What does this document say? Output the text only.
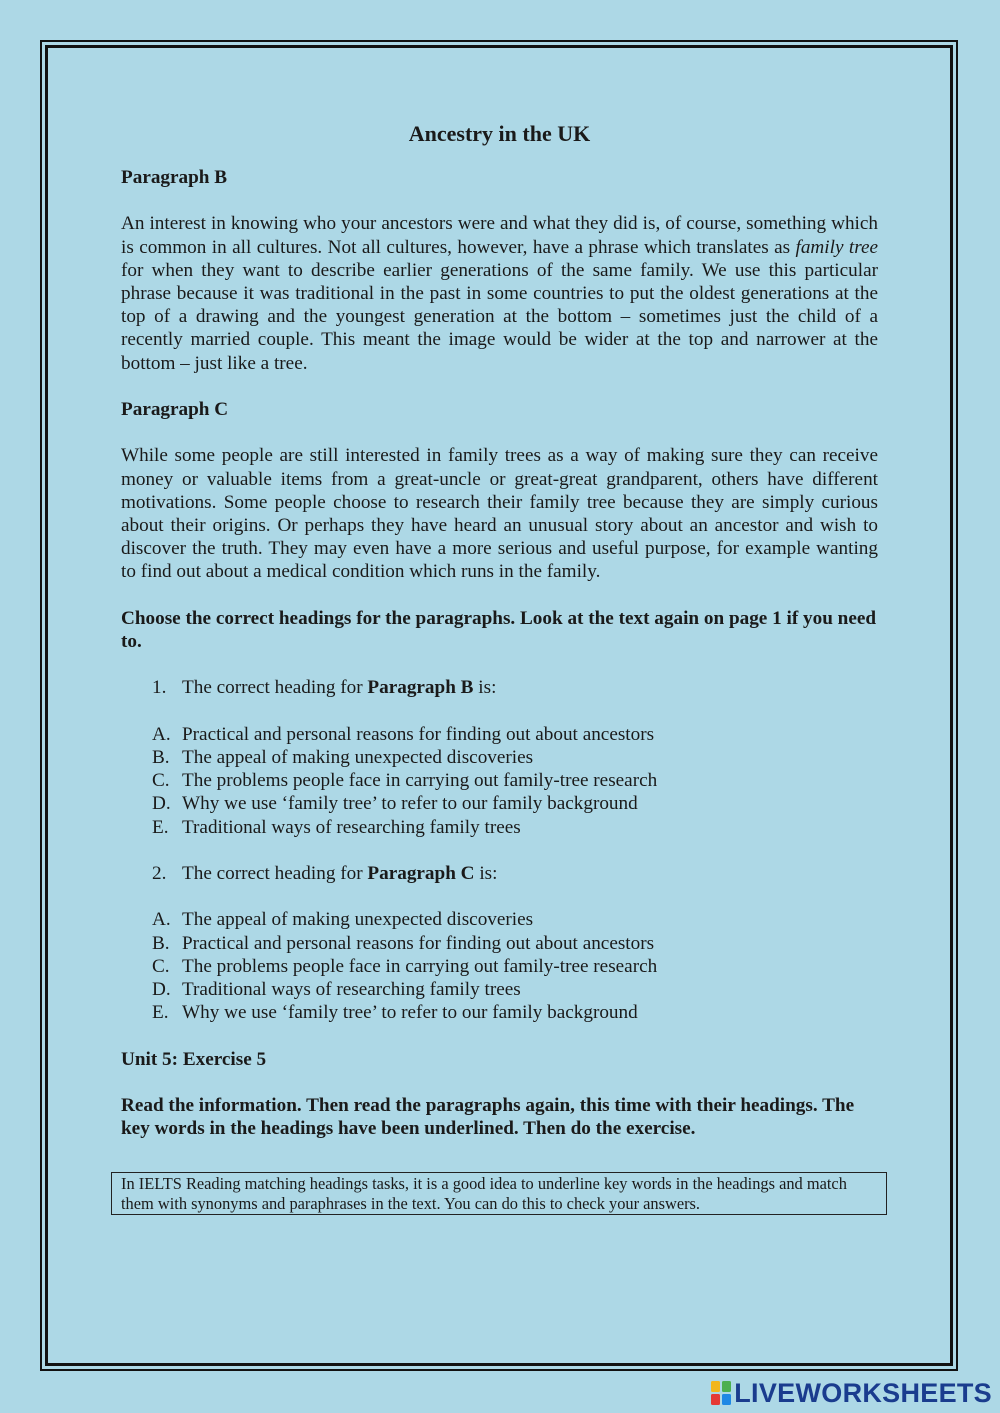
Ancestry in the UK

Paragraph B

An interest in knowing who your ancestors were and what they did is, of course, something which is common in all cultures. Not all cultures, however, have a phrase which translates as family tree for when they want to describe earlier generations of the same family. We use this particular phrase because it was traditional in the past in some countries to put the oldest generations at the top of a drawing and the youngest generation at the bottom – sometimes just the child of a recently married couple. This meant the image would be wider at the top and narrower at the bottom – just like a tree.

Paragraph C

While some people are still interested in family trees as a way of making sure they can receive money or valuable items from a great-uncle or great-great grandparent, others have different motivations. Some people choose to research their family tree because they are simply curious about their origins. Or perhaps they have heard an unusual story about an ancestor and wish to discover the truth. They may even have a more serious and useful purpose, for example wanting to find out about a medical condition which runs in the family.

Choose the correct headings for the paragraphs. Look at the text again on page 1 if you need to.

1. The correct heading for Paragraph B is:
A. Practical and personal reasons for finding out about ancestors
B. The appeal of making unexpected discoveries
C. The problems people face in carrying out family-tree research
D. Why we use ‘family tree’ to refer to our family background
E. Traditional ways of researching family trees
2. The correct heading for Paragraph C is:
A. The appeal of making unexpected discoveries
B. Practical and personal reasons for finding out about ancestors
C. The problems people face in carrying out family-tree research
D. Traditional ways of researching family trees
E. Why we use ‘family tree’ to refer to our family background

Unit 5: Exercise 5

Read the information. Then read the paragraphs again, this time with their headings. The key words in the headings have been underlined. Then do the exercise.

In IELTS Reading matching headings tasks, it is a good idea to underline key words in the headings and match them with synonyms and paraphrases in the text. You can do this to check your answers.
LIVEWORKSHEETS
